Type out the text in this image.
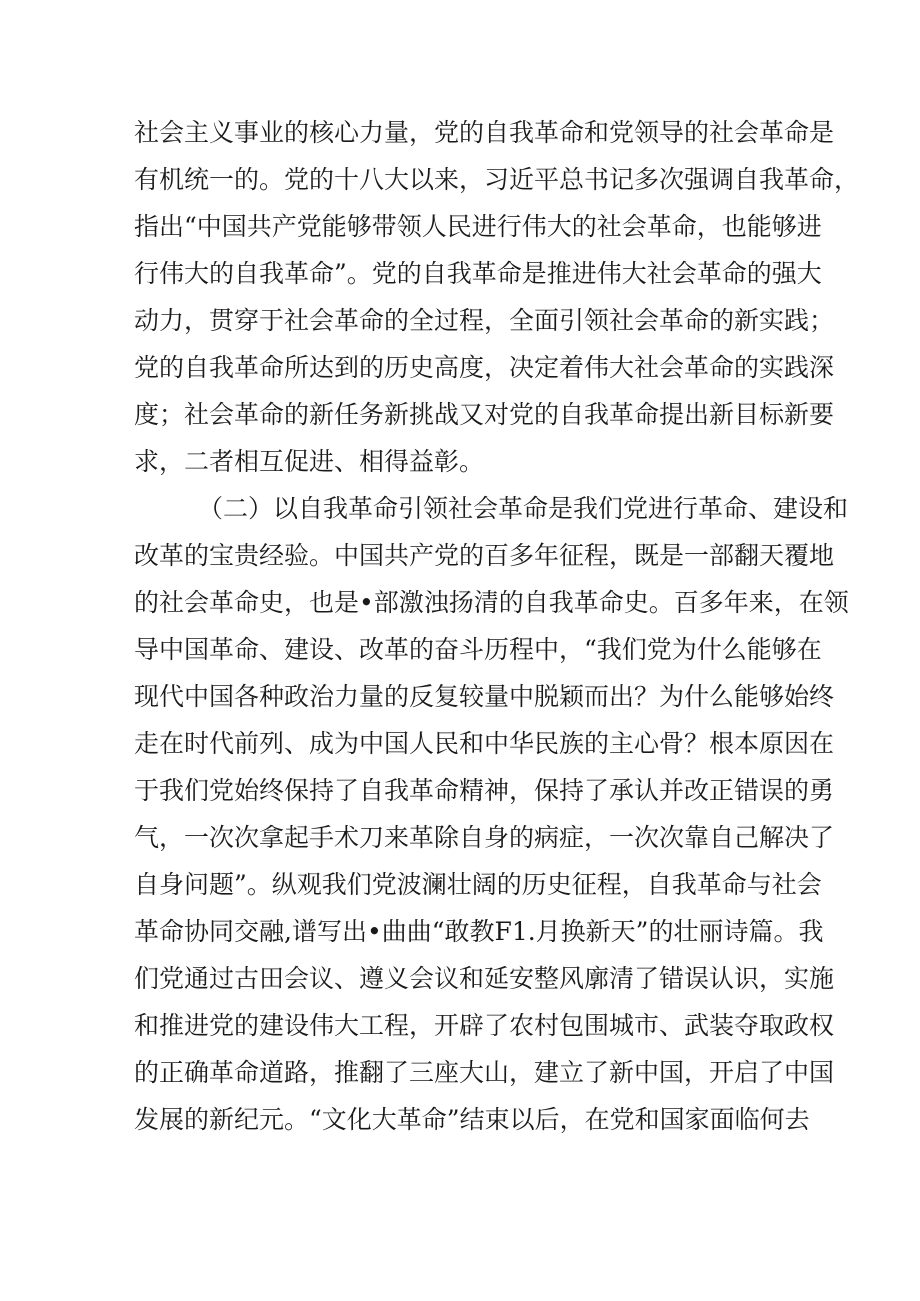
社会主义事业的核心力量，党的自我革命和党领导的社会革命是
有机统一的。党的十八大以来，习近平总书记多次强调自我革命，
指出“中国共产党能够带领人民进行伟大的社会革命，也能够进
行伟大的自我革命”。党的自我革命是推进伟大社会革命的强大
动力，贯穿于社会革命的全过程，全面引领社会革命的新实践；
党的自我革命所达到的历史高度，决定着伟大社会革命的实践深
度；社会革命的新任务新挑战又对党的自我革命提出新目标新要
求，二者相互促进、相得益彰。
（二）以自我革命引领社会革命是我们党进行革命、建设和
改革的宝贵经验。中国共产党的百多年征程，既是一部翻天覆地
的社会革命史，也是•部激浊扬清的自我革命史。百多年来，在领
导中国革命、建设、改革的奋斗历程中，“我们党为什么能够在
现代中国各种政治力量的反复较量中脱颖而出？为什么能够始终
走在时代前列、成为中国人民和中华民族的主心骨？根本原因在
于我们党始终保持了自我革命精神，保持了承认并改正错误的勇
气，一次次拿起手术刀来革除自身的病症，一次次靠自己解决了
自身问题”。纵观我们党波澜壮阔的历史征程，自我革命与社会
革命协同交融,谱写出•曲曲“敢教F1.月换新天”的壮丽诗篇。我
们党通过古田会议、遵义会议和延安整风廓清了错误认识，实施
和推进党的建设伟大工程，开辟了农村包围城市、武装夺取政权
的正确革命道路，推翻了三座大山，建立了新中国，开启了中国
发展的新纪元。“文化大革命”结束以后，在党和国家面临何去
